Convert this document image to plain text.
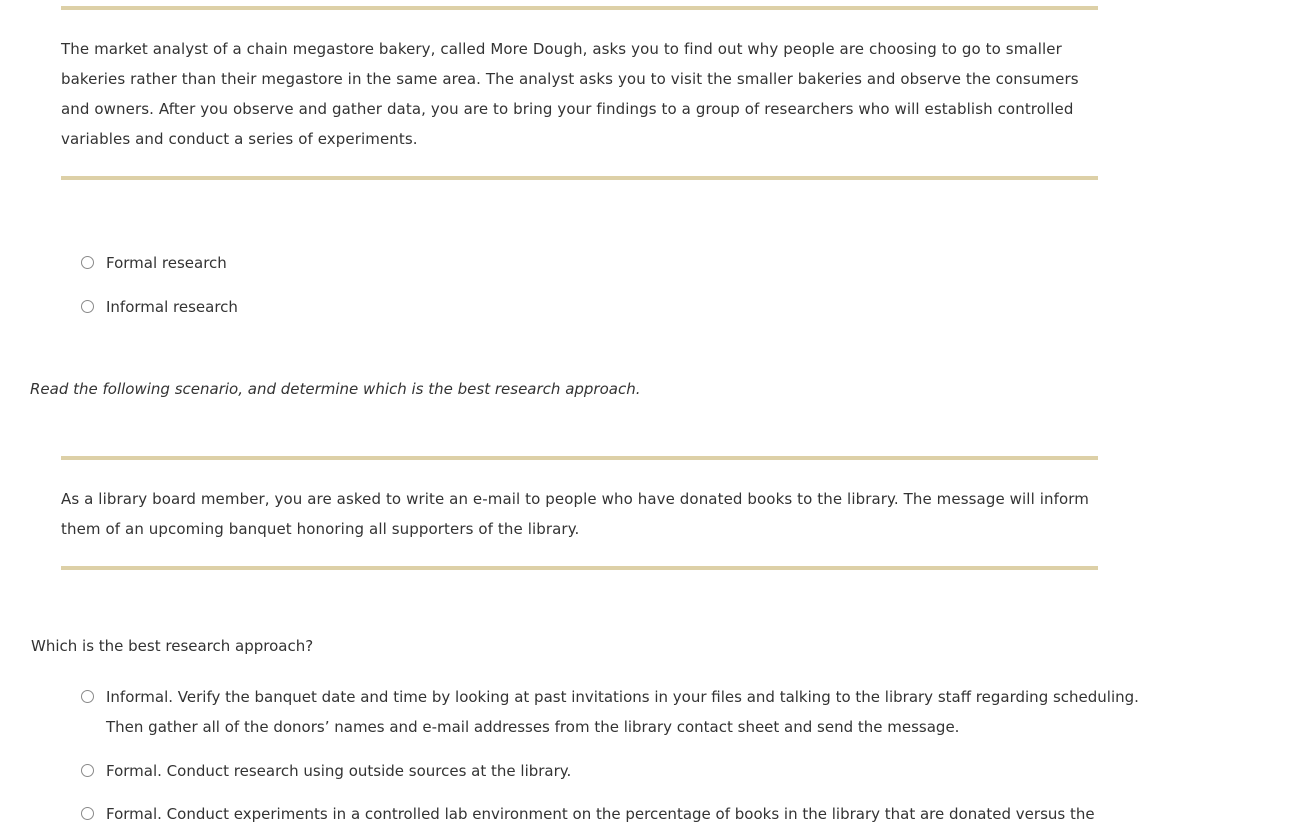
The market analyst of a chain megastore bakery, called More Dough, asks you to find out why people are choosing to go to smaller bakeries rather than their megastore in the same area. The analyst asks you to visit the smaller bakeries and observe the consumers and owners. After you observe and gather data, you are to bring your findings to a group of researchers who will establish controlled variables and conduct a series of experiments.
Formal research
Informal research
Read the following scenario, and determine which is the best research approach.
As a library board member, you are asked to write an e-mail to people who have donated books to the library. The message will inform them of an upcoming banquet honoring all supporters of the library.
Which is the best research approach?
Informal. Verify the banquet date and time by looking at past invitations in your files and talking to the library staff regarding scheduling. Then gather all of the donors’ names and e-mail addresses from the library contact sheet and send the message.
Formal. Conduct research using outside sources at the library.
Formal. Conduct experiments in a controlled lab environment on the percentage of books in the library that are donated versus the
